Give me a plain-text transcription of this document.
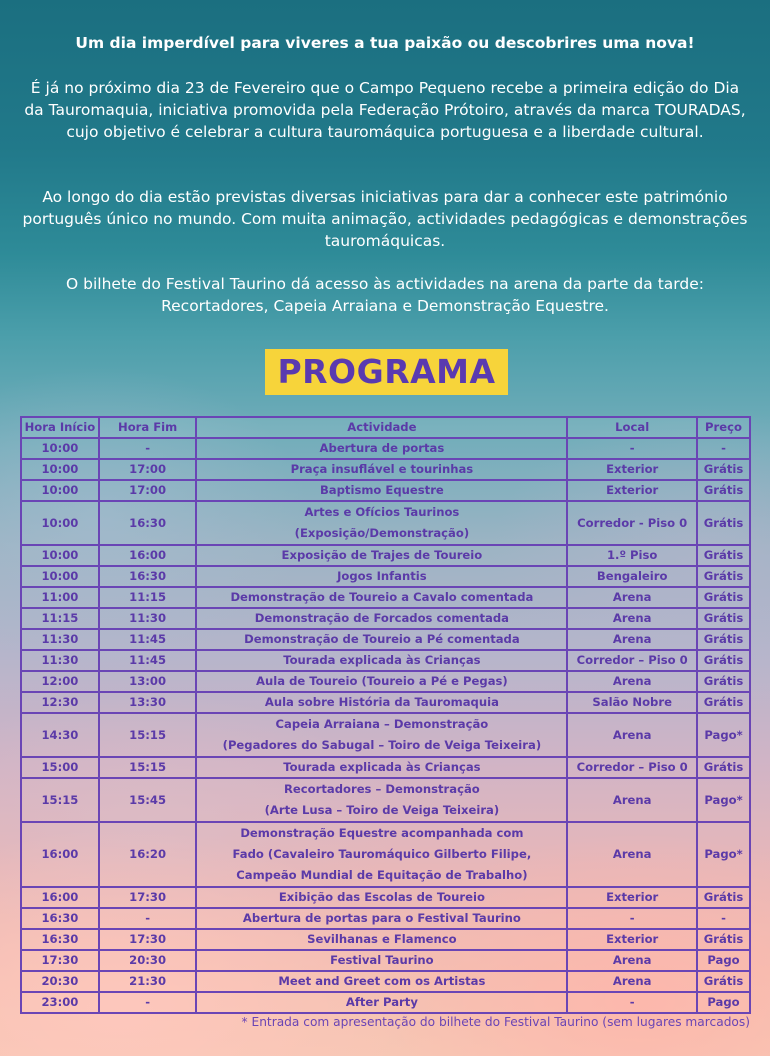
Um dia imperdível para viveres a tua paixão ou descobrires uma nova!
É já no próximo dia 23 de Fevereiro que o Campo Pequeno recebe a primeira edição do Dia da Tauromaquia, iniciativa promovida pela Federação Prótoiro, através da marca TOURADAS, cujo objetivo é celebrar a cultura tauromáquica portuguesa e a liberdade cultural.
Ao longo do dia estão previstas diversas iniciativas para dar a conhecer este património português único no mundo. Com muita animação, actividades pedagógicas e demonstrações tauromáquicas.
O bilhete do Festival Taurino dá acesso às actividades na arena da parte da tarde: Recortadores, Capeia Arraiana e Demonstração Equestre.
PROGRAMA
Hora Início	Hora Fim	Actividade	Local	Preço
10:00	-	Abertura de portas	-	-
10:00	17:00	Praça insuflável e tourinhas	Exterior	Grátis
10:00	17:00	Baptismo Equestre	Exterior	Grátis
10:00	16:30	Artes e Ofícios Taurinos
(Exposição/Demonstração)	Corredor - Piso 0	Grátis
10:00	16:00	Exposição de Trajes de Toureio	1.º Piso	Grátis
10:00	16:30	Jogos Infantis	Bengaleiro	Grátis
11:00	11:15	Demonstração de Toureio a Cavalo comentada	Arena	Grátis
11:15	11:30	Demonstração de Forcados comentada	Arena	Grátis
11:30	11:45	Demonstração de Toureio a Pé comentada	Arena	Grátis
11:30	11:45	Tourada explicada às Crianças	Corredor – Piso 0	Grátis
12:00	13:00	Aula de Toureio (Toureio a Pé e Pegas)	Arena	Grátis
12:30	13:30	Aula sobre História da Tauromaquia	Salão Nobre	Grátis
14:30	15:15	Capeia Arraiana – Demonstração
(Pegadores do Sabugal – Toiro de Veiga Teixeira)	Arena	Pago*
15:00	15:15	Tourada explicada às Crianças	Corredor – Piso 0	Grátis
15:15	15:45	Recortadores – Demonstração
(Arte Lusa – Toiro de Veiga Teixeira)	Arena	Pago*
16:00	16:20	Demonstração Equestre acompanhada com
Fado (Cavaleiro Tauromáquico Gilberto Filipe,
Campeão Mundial de Equitação de Trabalho)	Arena	Pago*
16:00	17:30	Exibição das Escolas de Toureio	Exterior	Grátis
16:30	-	Abertura de portas para o Festival Taurino	-	-
16:30	17:30	Sevilhanas e Flamenco	Exterior	Grátis
17:30	20:30	Festival Taurino	Arena	Pago
20:30	21:30	Meet and Greet com os Artistas	Arena	Grátis
23:00	-	After Party	-	Pago
* Entrada com apresentação do bilhete do Festival Taurino (sem lugares marcados)
